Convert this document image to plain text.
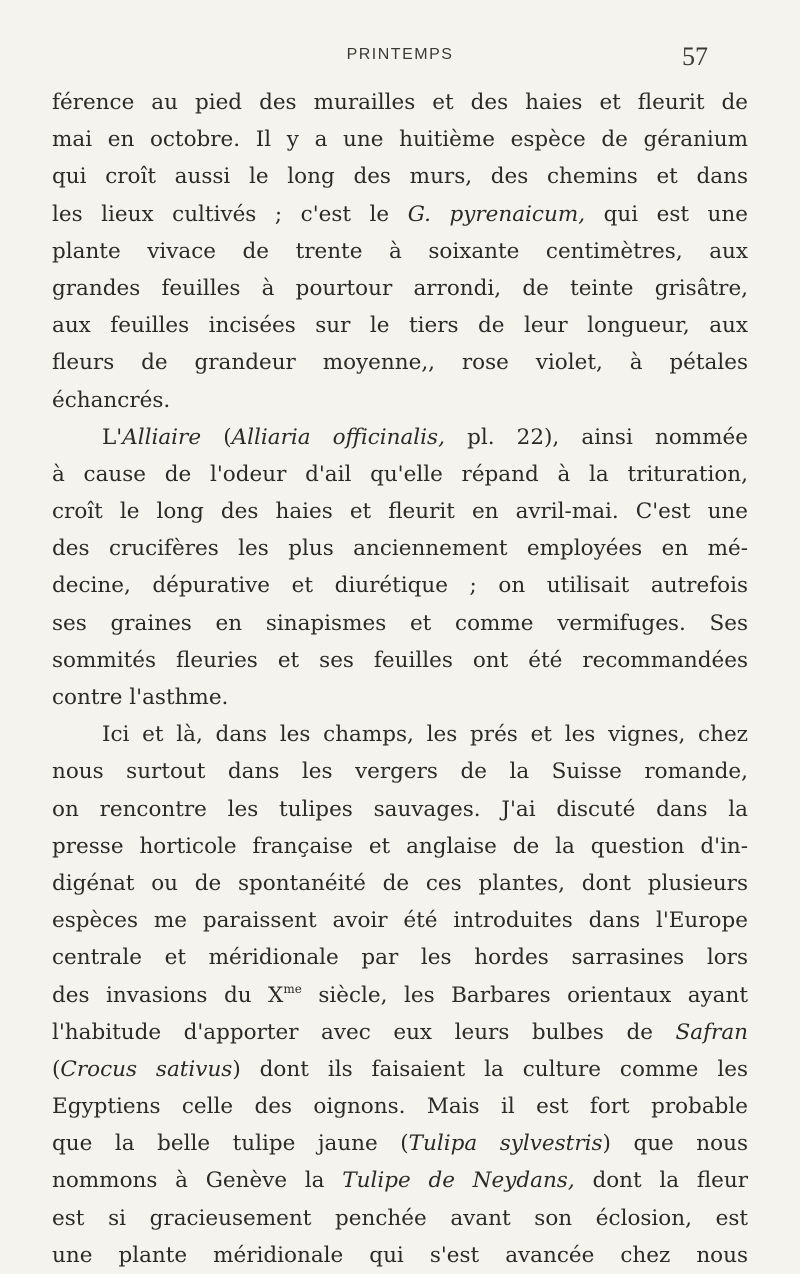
PRINTEMPS	57
férence au pied des murailles et des haies et fleurit de
mai en octobre. Il y a une huitième espèce de géranium
qui croît aussi le long des murs, des chemins et dans
les lieux cultivés ; c'est le G. pyrenaicum, qui est une
plante vivace de trente à soixante centimètres, aux
grandes feuilles à pourtour arrondi, de teinte grisâtre,
aux feuilles incisées sur le tiers de leur longueur, aux
fleurs de grandeur moyenne,, rose violet, à pétales
échancrés.
L'Alliaire (Alliaria officinalis, pl. 22), ainsi nommée
à cause de l'odeur d'ail qu'elle répand à la trituration,
croît le long des haies et fleurit en avril-mai. C'est une
des crucifères les plus anciennement employées en mé-
decine, dépurative et diurétique ; on utilisait autrefois
ses graines en sinapismes et comme vermifuges. Ses
sommités fleuries et ses feuilles ont été recommandées
contre l'asthme.
Ici et là, dans les champs, les prés et les vignes, chez
nous surtout dans les vergers de la Suisse romande,
on rencontre les tulipes sauvages. J'ai discuté dans la
presse horticole française et anglaise de la question d'in-
digénat ou de spontanéité de ces plantes, dont plusieurs
espèces me paraissent avoir été introduites dans l'Europe
centrale et méridionale par les hordes sarrasines lors
des invasions du $X^{me}$ siècle, les Barbares orientaux ayant
l'habitude d'apporter avec eux leurs bulbes de Safran
(Crocus sativus) dont ils faisaient la culture comme les
Egyptiens celle des oignons. Mais il est fort probable
que la belle tulipe jaune (Tulipa sylvestris) que nous
nommons à Genève la Tulipe de Neydans, dont la fleur
est si gracieusement penchée avant son éclosion, est
une plante méridionale qui s'est avancée chez nous
